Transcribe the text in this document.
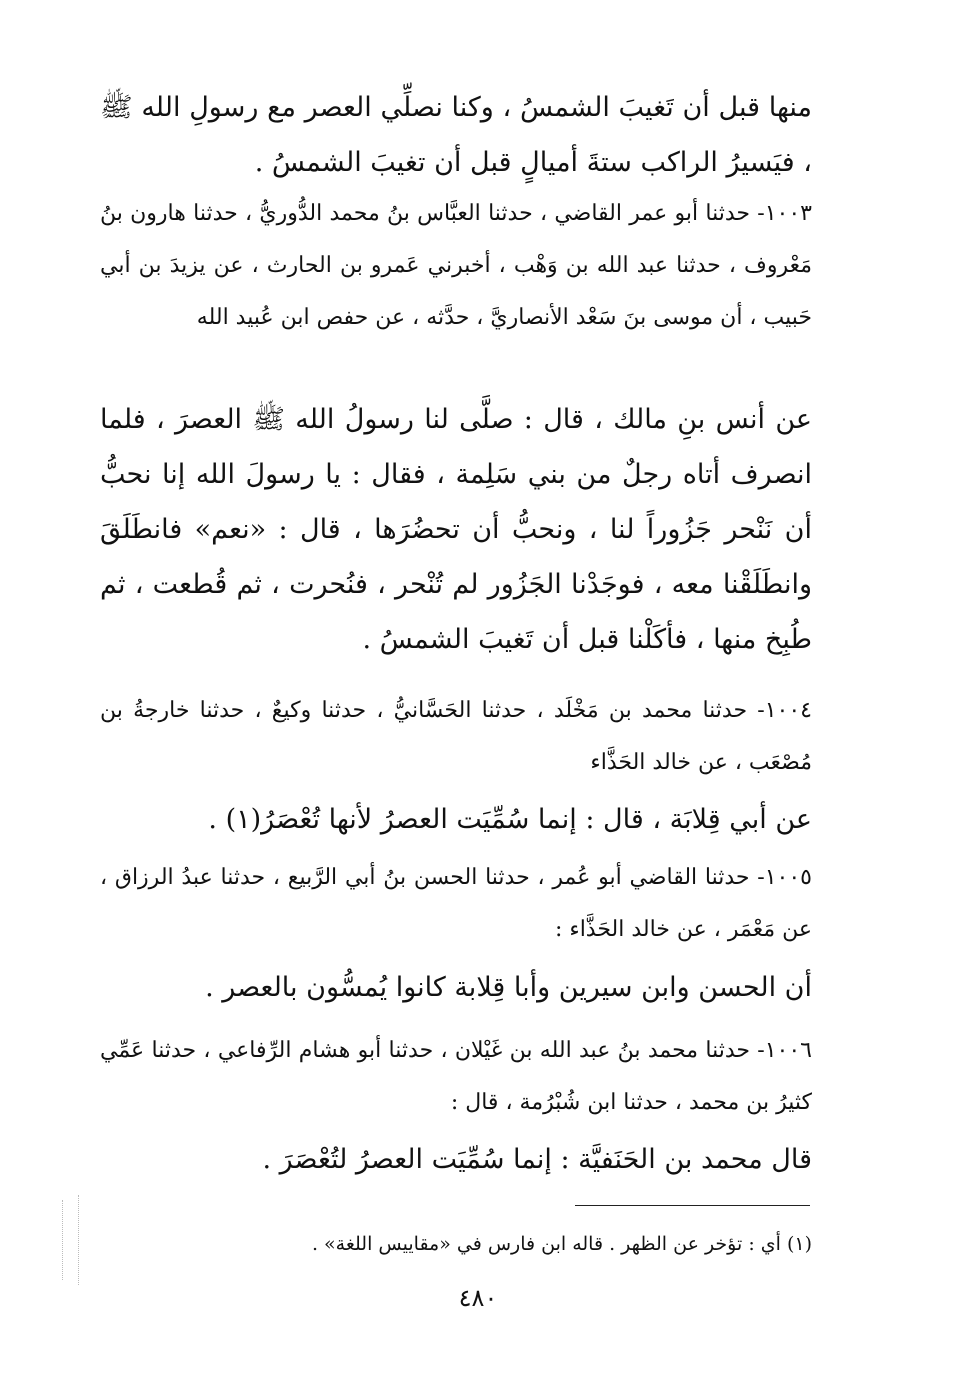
منها قبل أن تَغيبَ الشمسُ ، وكنا نصلِّي العصر مع رسولِ الله ﷺ ، فيَسيرُ الراكب ستةَ أميالٍ قبل أن تغيبَ الشمسُ .
١٠٠٣- حدثنا أبو عمر القاضي ، حدثنا العبَّاس بنُ محمد الدُّوريُّ ، حدثنا هارون بنُ مَعْروف ، حدثنا عبد الله بن وَهْب ، أخبرني عَمرو بن الحارث ، عن يزيدَ بن أبي حَبيب ، أن موسى بنَ سَعْد الأنصاريَّ ، حدَّثه ، عن حفص ابن عُبيد الله
عن أنس بنِ مالك ، قال : صلَّى لنا رسولُ الله ﷺ العصرَ ، فلما انصرف أتاه رجلٌ من بني سَلِمة ، فقال : يا رسولَ الله إنا نحبُّ أن نَنْحر جَزُوراً لنا ، ونحبُّ أن تحضُرَها ، قال : «نعم» فانطَلَقَ وانطَلَقْنا معه ، فوجَدْنا الجَزُور لم تُنْحر ، فنُحرت ، ثم قُطعت ، ثم طُبِخ منها ، فأكَلْنا قبل أن تَغيبَ الشمسُ .
١٠٠٤- حدثنا محمد بن مَخْلَد ، حدثنا الحَسَّانيُّ ، حدثنا وكيعٌ ، حدثنا خارجةُ بن مُصْعَب ، عن خالد الحَذَّاء
عن أبي قِلابَة ، قال : إنما سُمِّيَت العصرُ لأنها تُعْصَرُ(١) .
١٠٠٥- حدثنا القاضي أبو عُمر ، حدثنا الحسن بنُ أبي الرَّبيع ، حدثنا عبدُ الرزاق ، عن مَعْمَر ، عن خالد الحَذَّاء :
أن الحسن وابن سيرين وأبا قِلابة كانوا يُمسُّون بالعصر .
١٠٠٦- حدثنا محمد بنُ عبد الله بن غَيْلان ، حدثنا أبو هشام الرِّفاعي ، حدثنا عَمِّي كثيرُ بن محمد ، حدثنا ابن شُبْرُمة ، قال :
قال محمد بن الحَنَفيَّة : إنما سُمِّيَت العصرُ لتُعْصَرَ .
(١) أي : تؤخر عن الظهر . قاله ابن فارس في «مقاييس اللغة» .
٤٨٠
